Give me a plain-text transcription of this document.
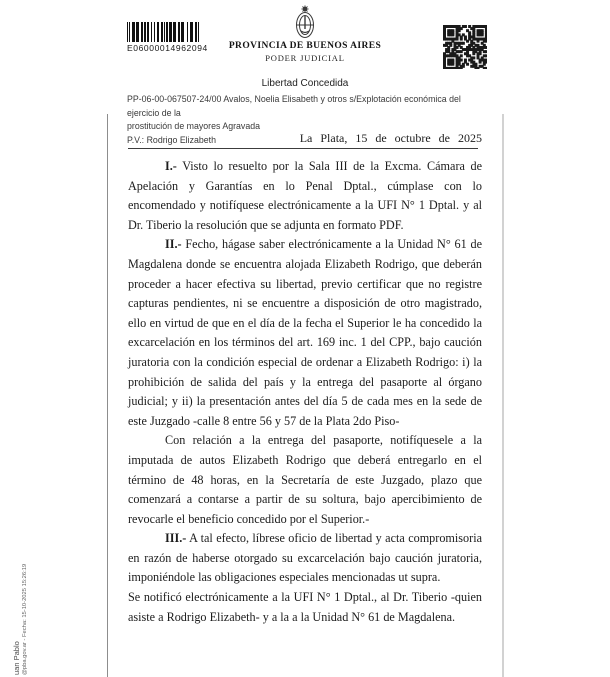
E06000014962094	PROVINCIA DE BUENOS AIRES
PODER JUDICIAL
Libertad Concedida
PP-06-00-067507-24/00 Avalos, Noelia Elisabeth y otros s/Explotación económica del ejercicio de la
prostitución de mayores Agravada
P.V.: Rodrigo Elizabeth	La Plata, 15 de octubre de 2025

I.- Visto lo resuelto por la Sala III de la Excma. Cámara de Apelación y Garantías en lo Penal Dptal., cúmplase con lo encomendado y notifíquese electrónicamente a la UFI N° 1 Dptal. y al Dr. Tiberio la resolución que se adjunta en formato PDF.

II.- Fecho, hágase saber electrónicamente a la Unidad N° 61 de Magdalena donde se encuentra alojada Elizabeth Rodrigo, que deberán proceder a hacer efectiva su libertad, previo certificar que no registre capturas pendientes, ni se encuentre a disposición de otro magistrado, ello en virtud de que en el día de la fecha el Superior le ha concedido la excarcelación en los términos del art. 169 inc. 1 del CPP., bajo caución juratoria con la condición especial de ordenar a Elizabeth Rodrigo: i) la prohibición de salida del país y la entrega del pasaporte al órgano judicial; y ii) la presentación antes del día 5 de cada mes en la sede de este Juzgado -calle 8 entre 56 y 57 de la Plata 2do Piso-

Con relación a la entrega del pasaporte, notifíquesele a la imputada de autos Elizabeth Rodrigo que deberá entregarlo en el término de 48 horas, en la Secretaría de este Juzgado, plazo que comenzará a contarse a partir de su soltura, bajo apercibimiento de revocarle el beneficio concedido por el Superior.-

III.- A tal efecto, líbrese oficio de libertad y acta compromisoria en razón de haberse otorgado su excarcelación bajo caución juratoria, imponiéndole las obligaciones especiales mencionadas ut supra.

Se notificó electrónicamente a la UFI N° 1 Dptal., al Dr. Tiberio -quien asiste a Rodrigo Elizabeth- y a la a la Unidad N° 61 de Magdalena.

uan Pablo @pba.gov.ar - Fecha: 15-10-2025 15:26:19
